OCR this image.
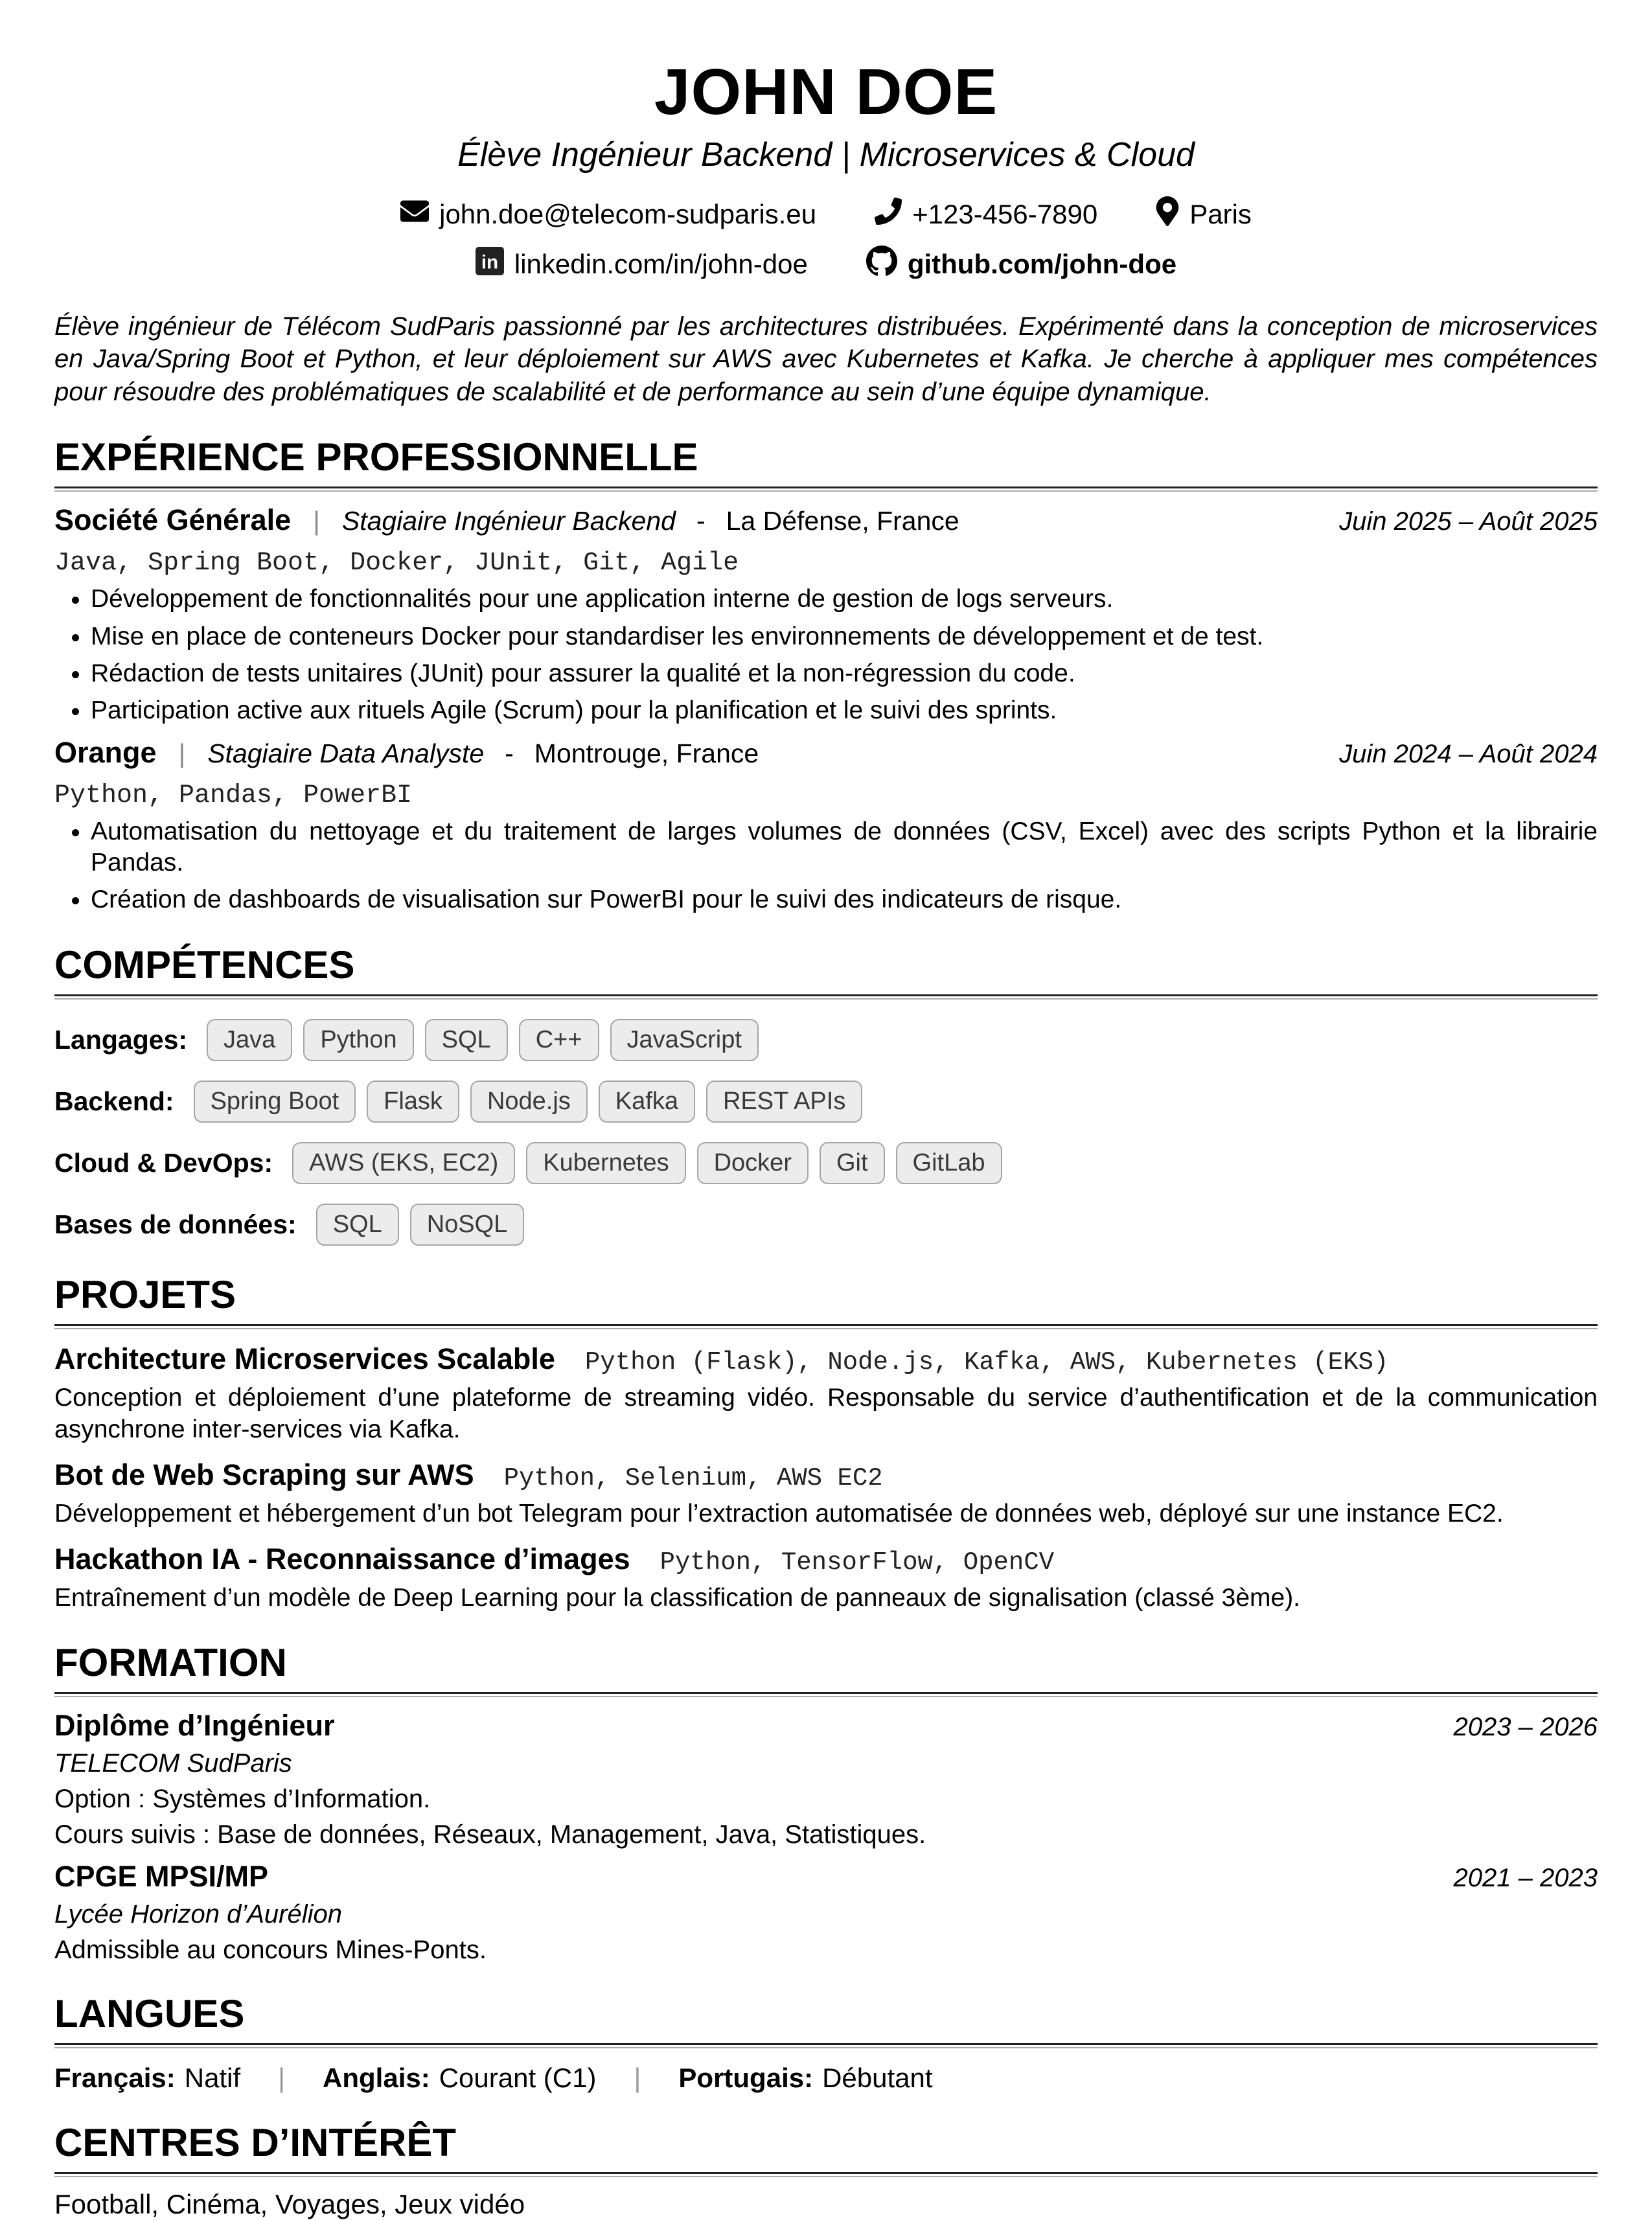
JOHN DOE
Élève Ingénieur Backend | Microservices & Cloud
john.doe@telecom-sudparis.eu	+123-456-7890	Paris
in linkedin.com/in/john-doe	github.com/john-doe

Élève ingénieur de Télécom SudParis passionné par les architectures distribuées. Expérimenté dans la conception de microservices en Java/Spring Boot et Python, et leur déploiement sur AWS avec Kubernetes et Kafka. Je cherche à appliquer mes compétences pour résoudre des problématiques de scalabilité et de performance au sein d’une équipe dynamique.

EXPÉRIENCE PROFESSIONNELLE
Société Générale | Stagiaire Ingénieur Backend - La Défense, France	Juin 2025 – Août 2025
Java, Spring Boot, Docker, JUnit, Git, Agile
• Développement de fonctionnalités pour une application interne de gestion de logs serveurs.
• Mise en place de conteneurs Docker pour standardiser les environnements de développement et de test.
• Rédaction de tests unitaires (JUnit) pour assurer la qualité et la non-régression du code.
• Participation active aux rituels Agile (Scrum) pour la planification et le suivi des sprints.
Orange | Stagiaire Data Analyste - Montrouge, France	Juin 2024 – Août 2024
Python, Pandas, PowerBI
• Automatisation du nettoyage et du traitement de larges volumes de données (CSV, Excel) avec des scripts Python et la librairie Pandas.
• Création de dashboards de visualisation sur PowerBI pour le suivi des indicateurs de risque.
COMPÉTENCES
Langages:	Java	Python	SQL	C++	JavaScript
Backend:	Spring Boot	Flask	Node.js	Kafka	REST APIs
Cloud & DevOps:	AWS (EKS, EC2)	Kubernetes	Docker	Git	GitLab
Bases de données:	SQL	NoSQL
PROJETS
Architecture Microservices Scalable Python (Flask), Node.js, Kafka, AWS, Kubernetes (EKS)

Conception et déploiement d’une plateforme de streaming vidéo. Responsable du service d’authentification et de la communication asynchrone inter-services via Kafka.

Bot de Web Scraping sur AWS Python, Selenium, AWS EC2

Développement et hébergement d’un bot Telegram pour l’extraction automatisée de données web, déployé sur une instance EC2.

Hackathon IA - Reconnaissance d’images Python, TensorFlow, OpenCV

Entraînement d’un modèle de Deep Learning pour la classification de panneaux de signalisation (classé 3ème).

FORMATION
Diplôme d’Ingénieur	2023 – 2026
TELECOM SudParis
Option : Systèmes d’Information.
Cours suivis : Base de données, Réseaux, Management, Java, Statistiques.
CPGE MPSI/MP	2021 – 2023
Lycée Horizon d’Aurélion
Admissible au concours Mines-Ponts.
LANGUES
Français: Natif | Anglais: Courant (C1) | Portugais: Débutant
CENTRES D’INTÉRÊT

Football, Cinéma, Voyages, Jeux vidéo
